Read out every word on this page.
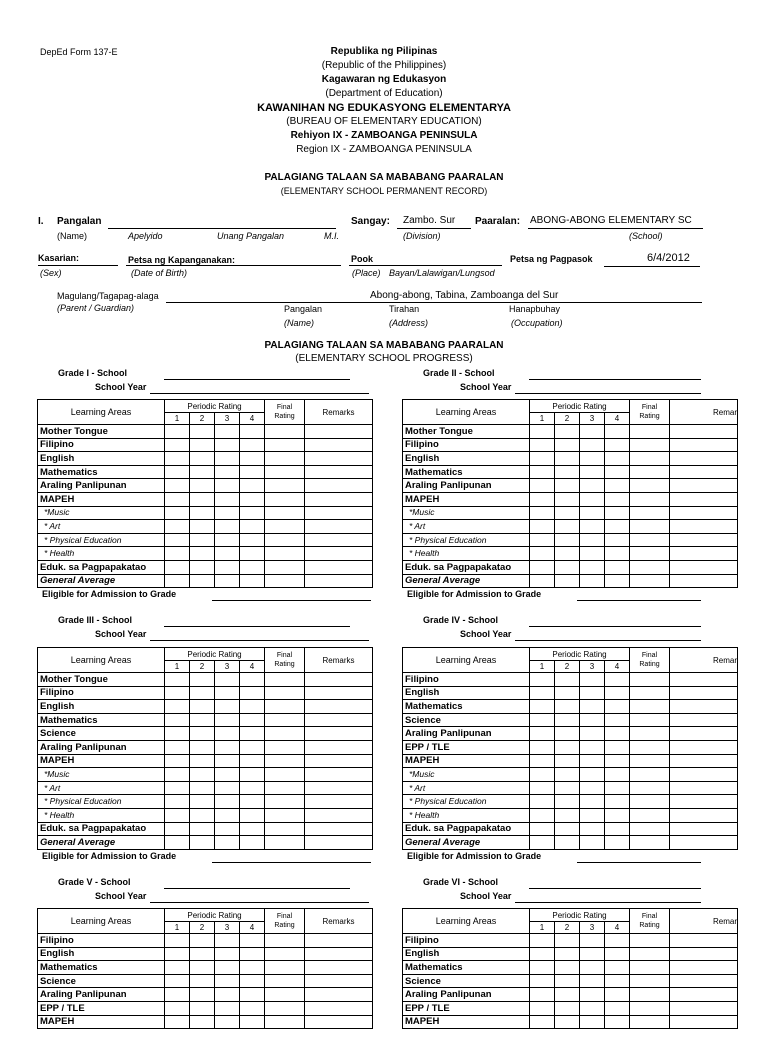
DepEd Form 137-E	Republika ng Pilipinas
(Republic of the Philippines)
Kagawaran ng Edukasyon
(Department of Education)
KAWANIHAN NG EDUKASYONG ELEMENTARYA
(BUREAU OF ELEMENTARY EDUCATION)
Rehiyon IX - ZAMBOANGA PENINSULA
Region IX - ZAMBOANGA PENINSULA
PALAGIANG TALAAN SA MABABANG PAARALAN
(ELEMENTARY SCHOOL PERMANENT RECORD)
I. Pangalan
(Name)	Apelyido	Unang Pangalan	M.I.
Sangay: Zambo. Sur
(Division)
Paaralan: ABONG-ABONG ELEMENTARY SC
(School)
Kasarian:
(Sex)
Petsa ng Kapanganakan:
(Date of Birth)
Pook
(Place) Bayan/Lalawigan/Lungsod
Petsa ng Pagpasok	6/4/2012
Magulang/Tagapag-alaga
(Parent / Guardian)
Abong-abong, Tabina, Zamboanga del Sur
Pangalan	Tirahan	Hanapbuhay
(Name)	(Address)	(Occupation)
PALAGIANG TALAAN SA MABABANG PAARALAN
(ELEMENTARY SCHOOL PROGRESS)
Grade I - School
School Year
Learning Areas	Periodic Rating				Final
Rating	Remarks
	1	2	3	4		
Mother Tongue						
Filipino						
English						
Mathematics						
Araling Panlipunan						
MAPEH						
*Music						
* Art						
* Physical Education						
* Health						
Eduk. sa Pagpapakatao						
General Average						
Eligible for Admission to Grade
Grade II - School
School Year
Learning Areas	Periodic Rating				Final
Rating	Remar
	1	2	3	4		
Mother Tongue						
Filipino						
English						
Mathematics						
Araling Panlipunan						
MAPEH						
*Music						
* Art						
* Physical Education						
* Health						
Eduk. sa Pagpapakatao						
General Average						
Eligible for Admission to Grade
Grade III - School
School Year
Learning Areas	Periodic Rating				Final
Rating	Remarks
	1	2	3	4		
Mother Tongue						
Filipino						
English						
Mathematics						
Science						
Araling Panlipunan						
MAPEH						
*Music						
* Art						
* Physical Education						
* Health						
Eduk. sa Pagpapakatao						
General Average						
Eligible for Admission to Grade
Grade IV - School
School Year
Learning Areas	Periodic Rating				Final
Rating	Remar
	1	2	3	4		
Filipino						
English						
Mathematics						
Science						
Araling Panlipunan						
EPP / TLE						
MAPEH						
*Music						
* Art						
* Physical Education						
* Health						
Eduk. sa Pagpapakatao						
General Average						
Eligible for Admission to Grade
Grade V - School
School Year
Learning Areas	Periodic Rating				Final
Rating	Remarks
	1	2	3	4		
Filipino						
English						
Mathematics						
Science						
Araling Panlipunan						
EPP / TLE						
MAPEH						
Grade VI - School
School Year
Learning Areas	Periodic Rating				Final
Rating	Remar
	1	2	3	4		
Filipino						
English						
Mathematics						
Science						
Araling Panlipunan						
EPP / TLE						
MAPEH						
